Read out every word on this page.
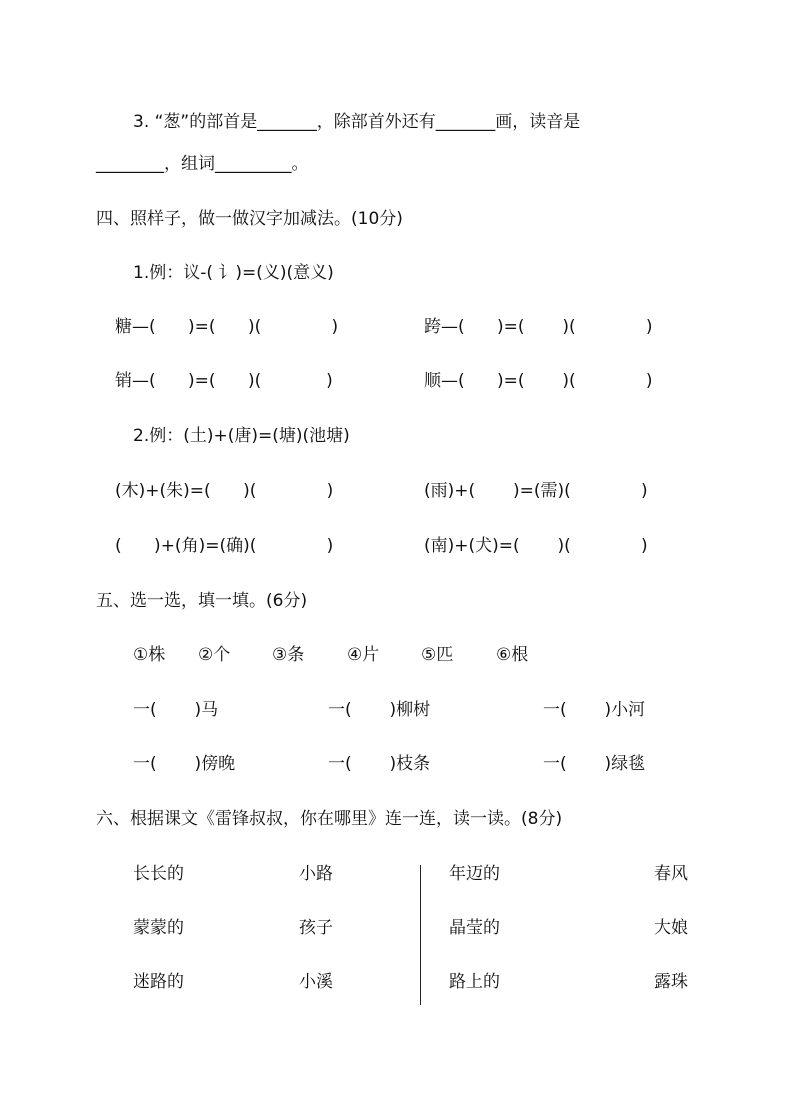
3. “葱”的部首是_______，除部首外还有_______画，读音是
________，组词_________。
四、照样子，做一做汉字加减法。(10分)
1.例：议-( 讠)=(义)(意义)
糖—(      )=(      )(             )	跨—(      )=(       )(             )
销—(      )=(      )(            )	顺—(      )=(       )(             )
2.例：(土)+(唐)=(塘)(池塘)
(木)+(朱)=(      )(             )	(雨)+(       )=(需)(             )
(      )+(角)=(确)(             )	(南)+(犬)=(       )(             )
五、选一选，填一填。(6分)
①株 ②个 ③条	④片 ⑤匹	⑥根
一(       )马	一(       )柳树	一(       )小河
一(       )傍晚	一(       )枝条	一(       )绿毯
六、根据课文《雷锋叔叔，你在哪里》连一连，读一读。(8分)
长长的	小路	年迈的	春风
蒙蒙的	孩子	晶莹的	大娘
迷路的	小溪	路上的	露珠
